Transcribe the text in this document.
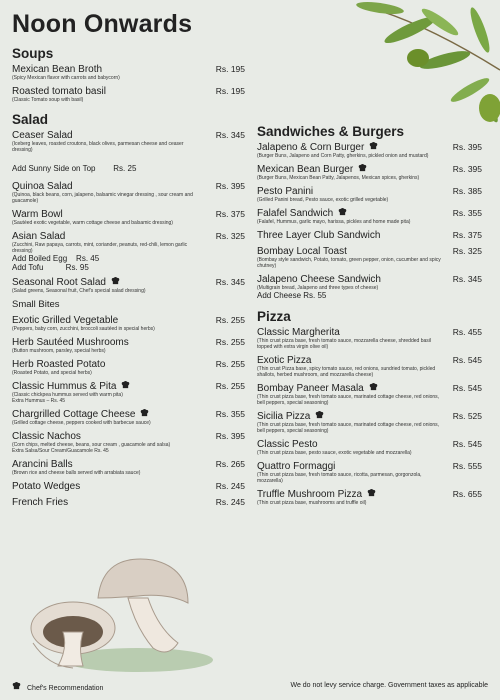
Noon Onwards
Soups
Mexican Bean Broth	Rs. 195
(Spicy Mexican flavor with carrots and babycorn)
Roasted tomato basil	Rs. 195
(Classic Tomato soup with basil)
Salad
Ceaser Salad	Rs. 345
(Iceberg leaves, roasted croutons, black olives, parmesan cheese and ceaser dressing)
Add Sunny Side on Top Rs. 25
Quinoa Salad	Rs. 395
(Quinoa, black beans, corn, jalapeno, balsamic vinegar dressing , sour cream and guacamole)
Warm Bowl	Rs. 375
(Sautéed exotic vegetable, warm cottage cheese and balsamic dressing)
Asian Salad	Rs. 325
(Zucchini, Raw papaya, carrots, mint, coriander, peanuts, red-chili, lemon garlic dressing)
Add Boiled Egg Rs. 45
Add Tofu	Rs. 95
Seasonal Root Salad	Rs. 345
(Salad greens, Seasonal fruit, Chef's special salad dressing)
Small Bites
Exotic Grilled Vegetable	Rs. 255
(Peppers, baby corn, zucchini, broccoli sautéed in special herbs)
Herb Sautéed Mushrooms	Rs. 255
(Button mushroom, parsley, special herbs)
Herb Roasted Potato	Rs. 255
(Roasted Potato, and special herbs)
Classic Hummus & Pita	Rs. 255
(Classic chickpea hummus served with warm pita)
Extra Hummus – Rs. 45
Chargrilled Cottage Cheese	Rs. 355
(Grilled cottage cheese, peppers cooked with barbecue sauce)
Classic Nachos	Rs. 395
(Corn chips, melted cheese, beans, sour cream , guacamole and salsa)
Extra Salsa/Sour Cream/Guacamole Rs. 45
Arancini Balls	Rs. 265
(Brown rice and cheese balls served with arrabiata sauce)
Potato Wedges	Rs. 245
French Fries	Rs. 245
Sandwiches & Burgers
Jalapeno & Corn Burger	Rs. 395
(Burger Buns, Jalapeno and Corn Patty, gherkins, pickled onion and mustard)
Mexican Bean Burger	Rs. 395
(Burger Buns, Mexican Bean Patty, Jalapenos, Mexican spices, gherkins)
Pesto Panini	Rs. 385
(Grilled Panini bread, Pesto sauce, exotic grilled vegetable)
Falafel Sandwich	Rs. 355
(Falafel, Hummus, garlic mayo, harissa, pickles and home made pita)
Three Layer Club Sandwich	Rs. 375
Bombay Local Toast	Rs. 325
(Bombay style sandwich, Potato, tomato, green pepper, onion, cucumber and spicy chutney)
Jalapeno Cheese Sandwich	Rs. 345
(Multigrain bread, Jalapeno and three types of cheese)
Add Cheese Rs. 55
Pizza
Classic Margherita	Rs. 455
(Thin crust pizza base, fresh tomato sauce, mozzarella cheese, shredded basil topped with extra virgin olive oil)
Exotic Pizza	Rs. 545
(Thin crust Pizza base, spicy tomato sauce, red onions, sundried tomato, pickled shallots, herbed mushroom, and mozzarella cheese)
Bombay Paneer Masala	Rs. 545
(Thin crust pizza base, fresh tomato sauce, marinated cottage cheese, red onions, bell peppers, special seasoning)
Sicilia Pizza	Rs. 525
(Thin crust pizza base, fresh tomato sauce, marinated cottage cheese, red onions, bell peppers, special seasoning)
Classic Pesto	Rs. 545
(Thin crust pizza base, pesto sauce, exotic vegetable and mozzarella)
Quattro Formaggi	Rs. 555
(Thin crust pizza base, fresh tomato sauce, ricotta, parmesan, gorgonzola, mozzarella)
Truffle Mushroom Pizza	Rs. 655
(Thin crust pizza base, mushrooms and truffle oil)
Chef's Recommendation	We do not levy service charge. Government taxes as applicable
